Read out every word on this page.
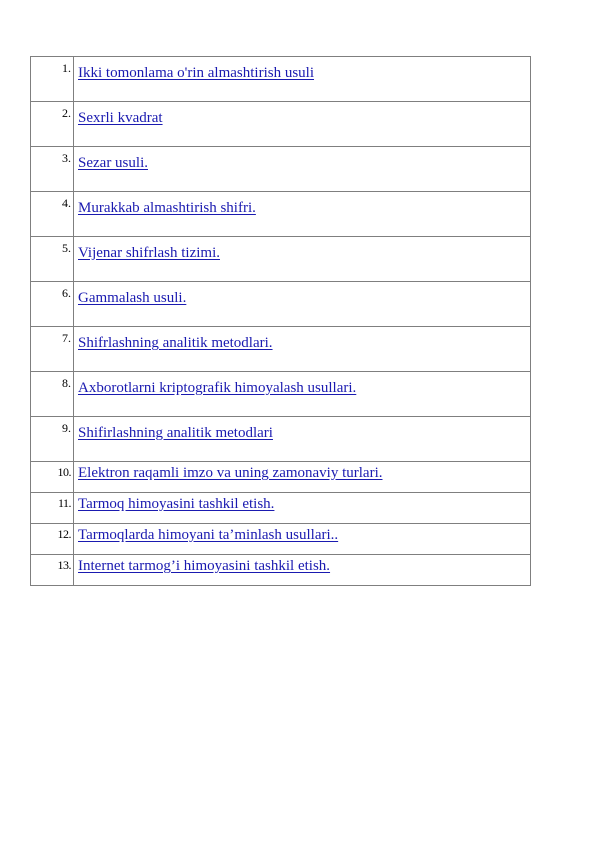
1.	Ikki tomonlama o'rin almashtirish usuli
2.	Sexrli kvadrat
3.	Sezar usuli.
4.	Murakkab almashtirish shifri.
5.	Vijenar shifrlash tizimi.
6.	Gammalash usuli.
7.	Shifrlashning analitik metodlari.
8.	Axborotlarni kriptografik himoyalash usullari.
9.	Shifirlashning analitik metodlari
10.	Elektron raqamli imzo va uning zamonaviy turlari.
11.	Tarmoq himoyasini tashkil etish.
12.	Tarmoqlarda himoyani ta’minlash usullari..
13.	Internet tarmog’i himoyasini tashkil etish.
